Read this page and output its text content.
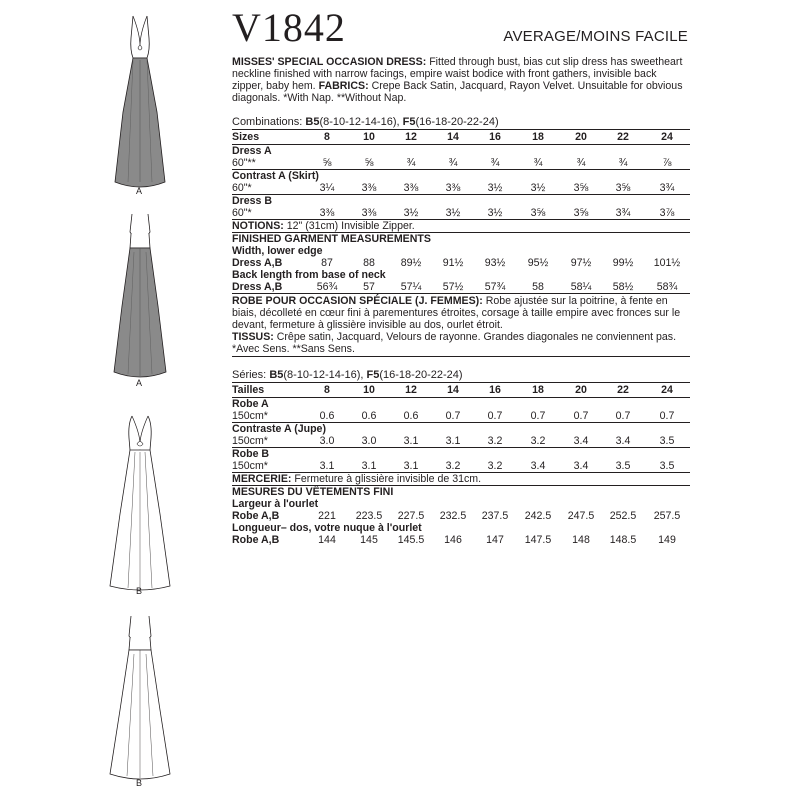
A
A
B
B
V1842	AVERAGE/MOINS FACILE
MISSES' SPECIAL OCCASION DRESS: Fitted through bust, bias cut slip dress has sweetheart neckline finished with narrow facings, empire waist bodice with front gathers, invisible back zipper, baby hem. FABRICS: Crepe Back Satin, Jacquard, Rayon Velvet. Unsuitable for obvious diagonals. *With Nap. **Without Nap.
Combinations: B5(8-10-12-14-16), F5(16-18-20-22-24)
Sizes	8	10	12	14	16	18	20	22	24
Dress A									
60"**	⅝	⅝	¾	¾	¾	¾	¾	¾	⅞
Contrast A (Skirt)									
60"*	3¼	3⅜	3⅜	3⅜	3½	3½	3⅝	3⅝	3¾
Dress B									
60"*	3⅜	3⅜	3½	3½	3½	3⅝	3⅝	3¾	3⅞
NOTIONS: 12" (31cm) Invisible Zipper.									
FINISHED GARMENT MEASUREMENTS									
Width, lower edge									
Dress A,B	87	88	89½	91½	93½	95½	97½	99½	101½
Back length from base of neck									
Dress A,B	56¾	57	57¼	57½	57¾	58	58¼	58½	58¾
ROBE POUR OCCASION SPÉCIALE (J. FEMMES): Robe ajustée sur la poitrine, à fente en biais, décolleté en cœur fini à parementures étroites, corsage à taille empire avec fronces sur le devant, fermeture à glissière invisible au dos, ourlet étroit.
TISSUS: Crêpe satin, Jacquard, Velours de rayonne. Grandes diagonales ne conviennent pas. *Avec Sens. **Sans Sens.
Séries: B5(8-10-12-14-16), F5(16-18-20-22-24)
Tailles	8	10	12	14	16	18	20	22	24
Robe A									
150cm*	0.6	0.6	0.6	0.7	0.7	0.7	0.7	0.7	0.7
Contraste A (Jupe)									
150cm*	3.0	3.0	3.1	3.1	3.2	3.2	3.4	3.4	3.5
Robe B									
150cm*	3.1	3.1	3.1	3.2	3.2	3.4	3.4	3.5	3.5
MERCERIE: Fermeture à glissière invisible de 31cm.									
MESURES DU VÊTEMENTS FINI									
Largeur à l'ourlet									
Robe A,B	221	223.5	227.5	232.5	237.5	242.5	247.5	252.5	257.5
Longueur– dos, votre nuque à l'ourlet									
Robe A,B	144	145	145.5	146	147	147.5	148	148.5	149
